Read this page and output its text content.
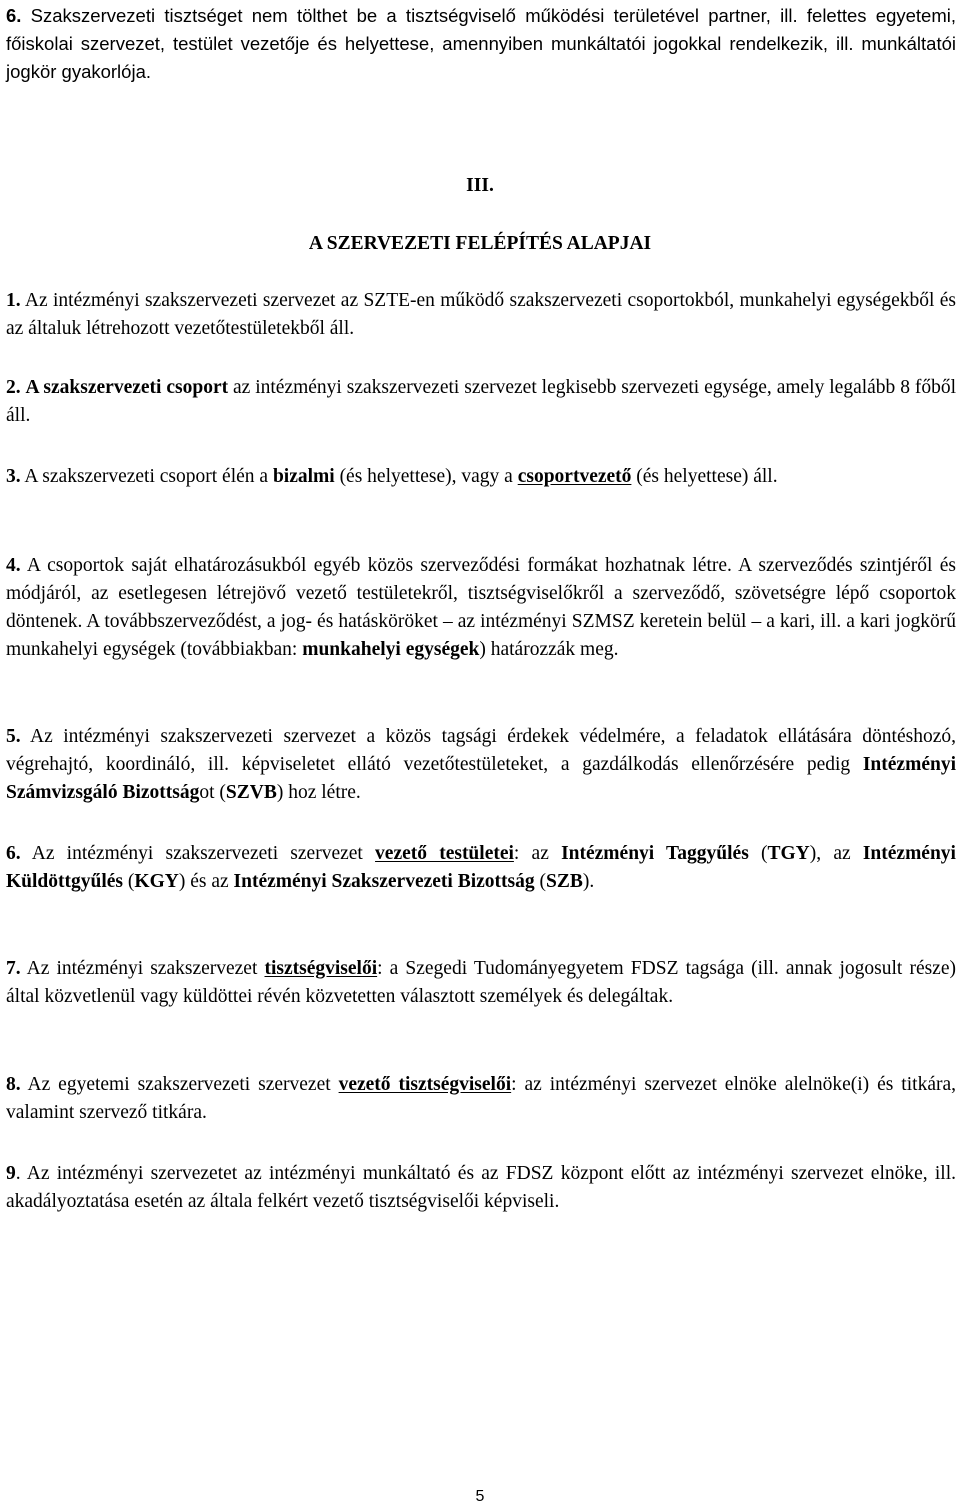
6. Szakszervezeti tisztséget nem tölthet be a tisztségviselő működési területével partner, ill. felettes egyetemi, főiskolai szervezet, testület vezetője és helyettese, amennyiben munkáltatói jogokkal rendelkezik, ill. munkáltatói jogkör gyakorlója.

III.

A SZERVEZETI FELÉPÍTÉS ALAPJAI

1. Az intézményi szakszervezeti szervezet az SZTE-en működő szakszervezeti csoportokból, munkahelyi egységekből és az általuk létrehozott vezetőtestületekből áll.

2. A szakszervezeti csoport az intézményi szakszervezeti szervezet legkisebb szervezeti egysége, amely legalább 8 főből áll.

3. A szakszervezeti csoport élén a bizalmi (és helyettese), vagy a csoportvezető (és helyettese) áll.

4. A csoportok saját elhatározásukból egyéb közös szerveződési formákat hozhatnak létre. A szerveződés szintjéről és módjáról, az esetlegesen létrejövő vezető testületekről, tisztségviselőkről a szerveződő, szövetségre lépő csoportok döntenek. A továbbszerveződést, a jog- és hatásköröket – az intézményi SZMSZ keretein belül – a kari, ill. a kari jogkörű munkahelyi egységek (továbbiakban: munkahelyi egységek) határozzák meg.

5. Az intézményi szakszervezeti szervezet a közös tagsági érdekek védelmére, a feladatok ellátására döntéshozó, végrehajtó, koordináló, ill. képviseletet ellátó vezetőtestületeket, a gazdálkodás ellenőrzésére pedig Intézményi Számvizsgáló Bizottságot (SZVB) hoz létre.

6. Az intézményi szakszervezeti szervezet vezető testületei: az Intézményi Taggyűlés (TGY), az Intézményi Küldöttgyűlés (KGY) és az Intézményi Szakszervezeti Bizottság (SZB).

7. Az intézményi szakszervezet tisztségviselői: a Szegedi Tudományegyetem FDSZ tagsága (ill. annak jogosult része) által közvetlenül vagy küldöttei révén közvetetten választott személyek és delegáltak.

8. Az egyetemi szakszervezeti szervezet vezető tisztségviselői: az intézményi szervezet elnöke alelnöke(i) és titkára, valamint szervező titkára.

9. Az intézményi szervezetet az intézményi munkáltató és az FDSZ központ előtt az intézményi szervezet elnöke, ill. akadályoztatása esetén az általa felkért vezető tisztségviselői képviseli.

5
